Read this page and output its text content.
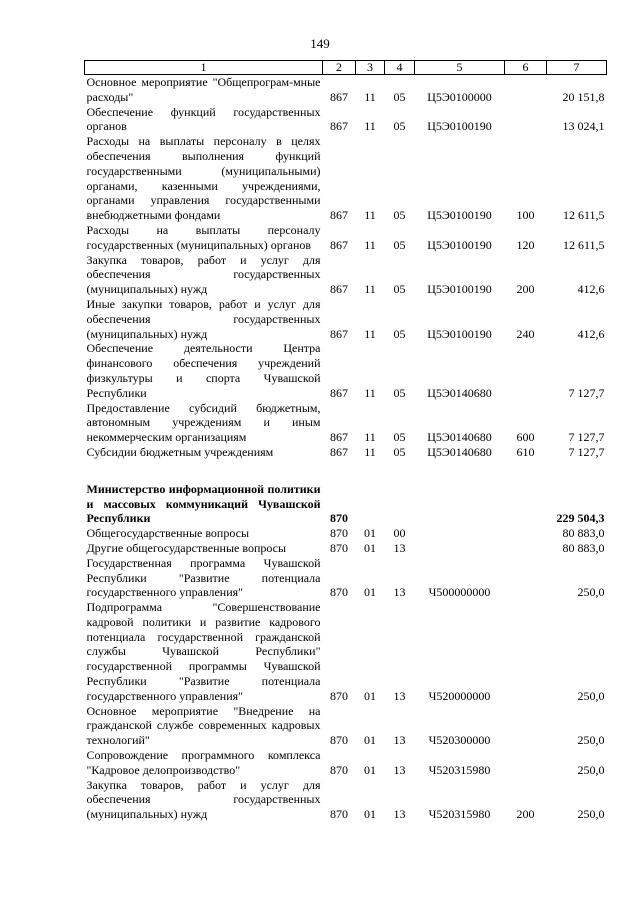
149
1	2	3	4	5	6	7
Основное мероприятие "Общепрограм-мные расходы"	867	11	05	Ц5Э0100000		20 151,8
Обеспечение функций государственных органов	867	11	05	Ц5Э0100190		13 024,1
Расходы на выплаты персоналу в целях обеспечения выполнения функций государственными (муниципальными) органами, казенными учреждениями, органами управления государственными внебюджетными фондами	867	11	05	Ц5Э0100190	100	12 611,5
Расходы на выплаты персоналу государственных (муниципальных) органов	867	11	05	Ц5Э0100190	120	12 611,5
Закупка товаров, работ и услуг для обеспечения государственных (муниципальных) нужд	867	11	05	Ц5Э0100190	200	412,6
Иные закупки товаров, работ и услуг для обеспечения государственных (муниципальных) нужд	867	11	05	Ц5Э0100190	240	412,6
Обеспечение деятельности Центра финансового обеспечения учреждений физкультуры и спорта Чувашской Республики	867	11	05	Ц5Э0140680		7 127,7
Предоставление субсидий бюджетным, автономным учреждениям и иным некоммерческим организациям	867	11	05	Ц5Э0140680	600	7 127,7
Субсидии бюджетным учреждениям	867	11	05	Ц5Э0140680	610	7 127,7

Министерство информационной политики и массовых коммуникаций Чувашской Республики	870					229 504,3
Общегосударственные вопросы	870	01	00			80 883,0
Другие общегосударственные вопросы	870	01	13			80 883,0
Государственная программа Чувашской Республики "Развитие потенциала государственного управления"	870	01	13	Ч500000000		250,0
Подпрограмма "Совершенствование кадровой политики и развитие кадрового потенциала государственной гражданской службы Чувашской Республики" государственной программы Чувашской Республики "Развитие потенциала государственного управления"	870	01	13	Ч520000000		250,0
Основное мероприятие "Внедрение на гражданской службе современных кадровых технологий"	870	01	13	Ч520300000		250,0
Сопровождение программного комплекса "Кадровое делопроизводство"	870	01	13	Ч520315980		250,0
Закупка товаров, работ и услуг для обеспечения государственных (муниципальных) нужд	870	01	13	Ч520315980	200	250,0
